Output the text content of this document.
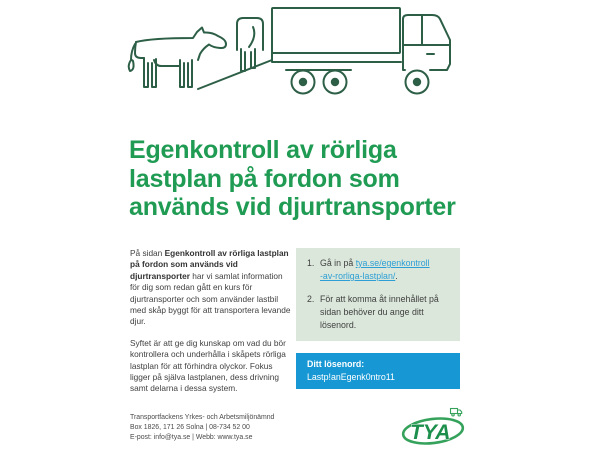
Egenkontroll av rörliga
lastplan på fordon som
används vid djurtransporter

På sidan Egenkontroll av rörliga lastplan på fordon som används vid djurtransporter har vi samlat information för dig som redan gått en kurs för djurtransporter och som använder lastbil med skåp byggt för att transportera levande djur.

Syftet är att ge dig kunskap om vad du bör kontrollera och underhålla i skåpets rörliga lastplan för att förhindra olyckor. Fokus ligger på själva lastplanen, dess drivning samt delarna i dessa system.

1. Gå in på tya.se/egenkontroll
-av-rorliga-lastplan/.
2. För att komma åt innehållet på sidan behöver du ange ditt lösenord.
Ditt lösenord:
Lastp!anEgenk0ntro11
Transportfackens Yrkes- och Arbetsmiljönämnd
Box 1826, 171 26 Solna | 08-734 52 00
E-post: info@tya.se | Webb: www.tya.se	TYA
